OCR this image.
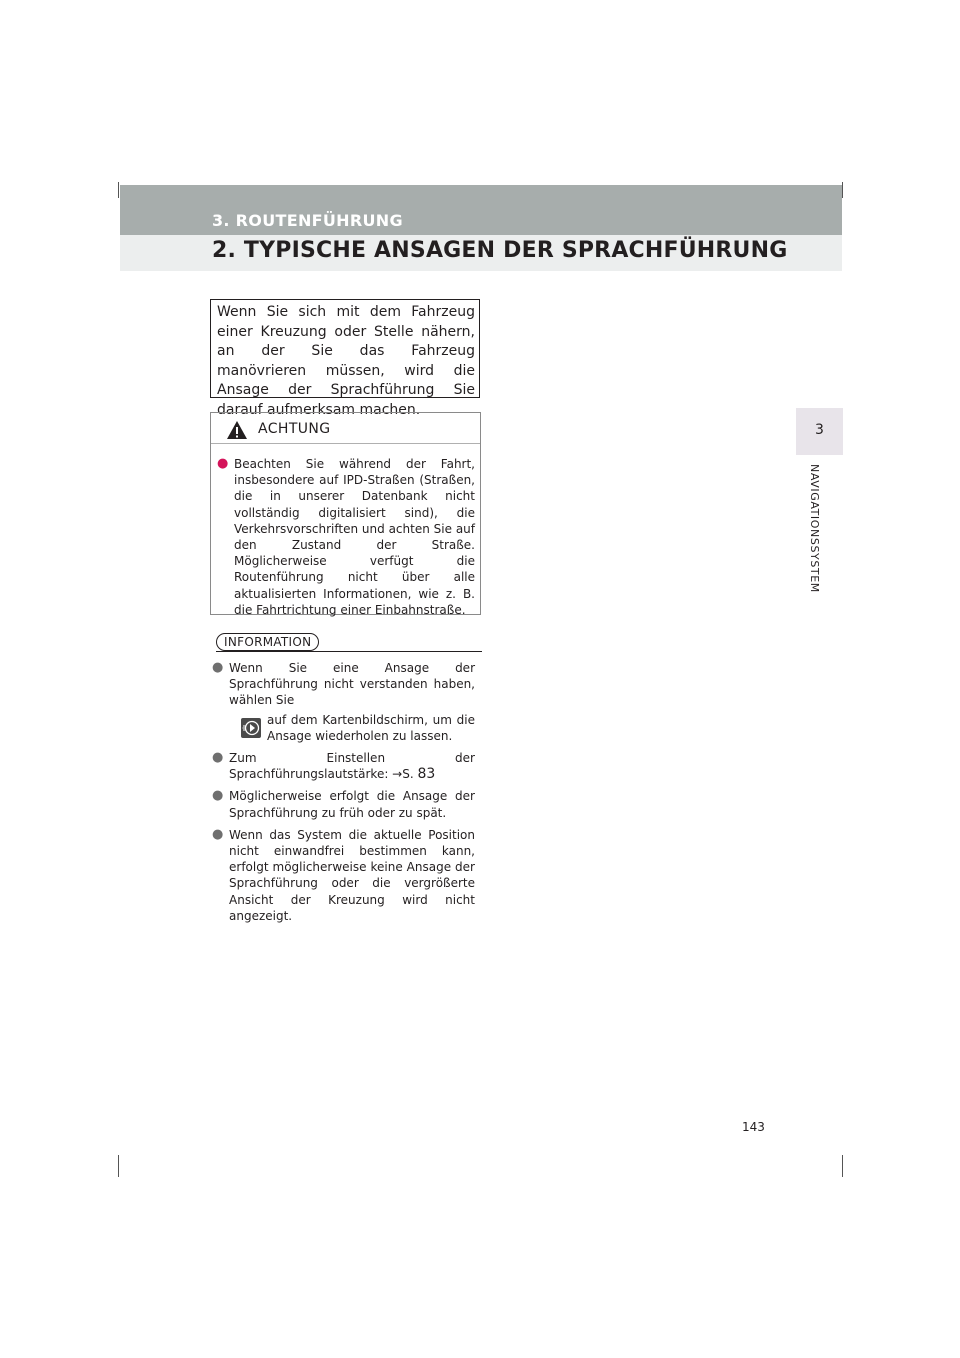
3. ROUTENFÜHRUNG
2. TYPISCHE ANSAGEN DER SPRACHFÜHRUNG
3
NAVIGATIONSSYSTEM
Wenn Sie sich mit dem Fahrzeug einer Kreuzung oder Stelle nähern, an der Sie das Fahrzeug manövrieren müssen, wird die Ansage der Sprachführung Sie darauf aufmerksam machen.
ACHTUNG
● Beachten Sie während der Fahrt, insbesondere auf IPD-Straßen (Straßen, die in unserer Datenbank nicht vollständig digitalisiert sind), die Verkehrsvorschriften und achten Sie auf den Zustand der Straße. Möglicherweise verfügt die Routenführung nicht über alle aktualisierten Informationen, wie z. B. die Fahrtrichtung einer Einbahnstraße.
INFORMATION
● Wenn Sie eine Ansage der Sprachführung nicht verstanden haben, wählen Sie
auf dem Kartenbildschirm, um die Ansage wiederholen zu lassen.
● Zum Einstellen der Sprachführungslautstärke: →S. 83
● Möglicherweise erfolgt die Ansage der Sprachführung zu früh oder zu spät.
● Wenn das System die aktuelle Position nicht einwandfrei bestimmen kann, erfolgt möglicherweise keine Ansage der Sprachführung oder die vergrößerte Ansicht der Kreuzung wird nicht angezeigt.
143
